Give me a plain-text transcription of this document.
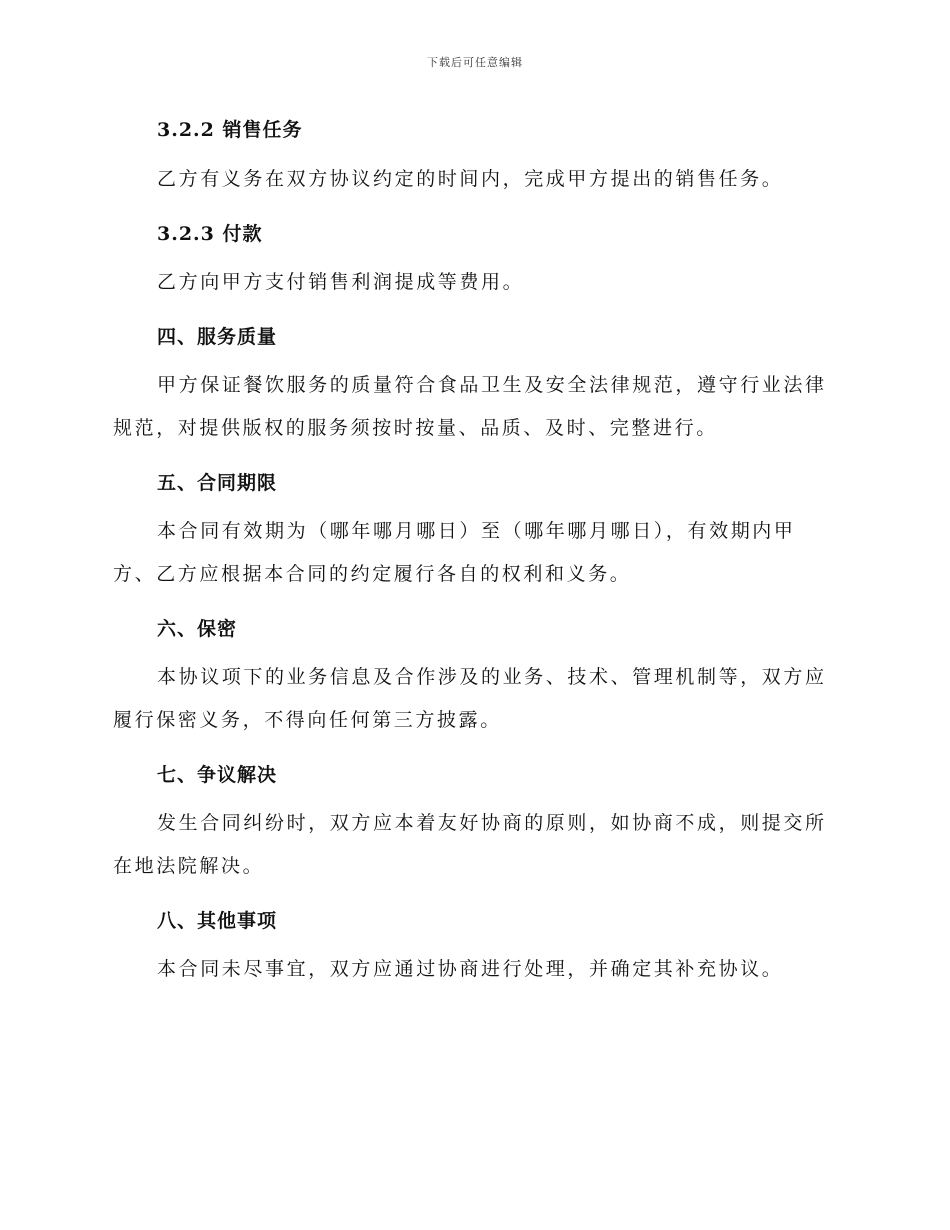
下载后可任意编辑
3.2.2 销售任务
乙方有义务在双方协议约定的时间内，完成甲方提出的销售任务。
3.2.3 付款
乙方向甲方支付销售利润提成等费用。
四、服务质量
甲方保证餐饮服务的质量符合食品卫生及安全法律规范，遵守行业法律规范，对提供版权的服务须按时按量、品质、及时、完整进行。
五、合同期限
本合同有效期为（哪年哪月哪日）至（哪年哪月哪日），有效期内甲方、乙方应根据本合同的约定履行各自的权利和义务。
六、保密
本协议项下的业务信息及合作涉及的业务、技术、管理机制等，双方应履行保密义务，不得向任何第三方披露。
七、争议解决
发生合同纠纷时，双方应本着友好协商的原则，如协商不成，则提交所在地法院解决。
八、其他事项
本合同未尽事宜，双方应通过协商进行处理，并确定其补充协议。
